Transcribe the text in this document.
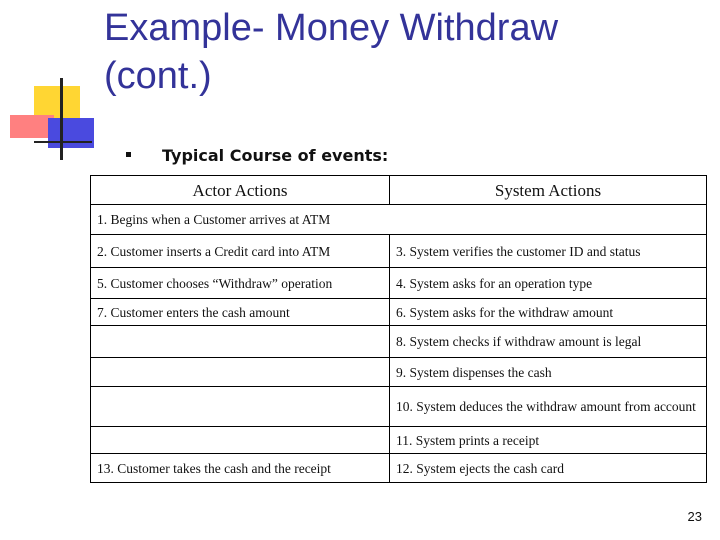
Example- Money Withdraw
(cont.)
Typical Course of events:
Actor Actions	System Actions
1. Begins when a Customer arrives at ATM	
2. Customer inserts a Credit card into ATM	3. System verifies the customer ID and status
5. Customer chooses “Withdraw” operation	4. System asks for an operation type
7. Customer enters the cash amount	6. System asks for the withdraw amount
	8. System checks if withdraw amount is legal
	9. System dispenses the cash
	10. System deduces the withdraw amount from account
	11. System prints a receipt
13. Customer takes the cash and the receipt	12. System ejects the cash card
23
